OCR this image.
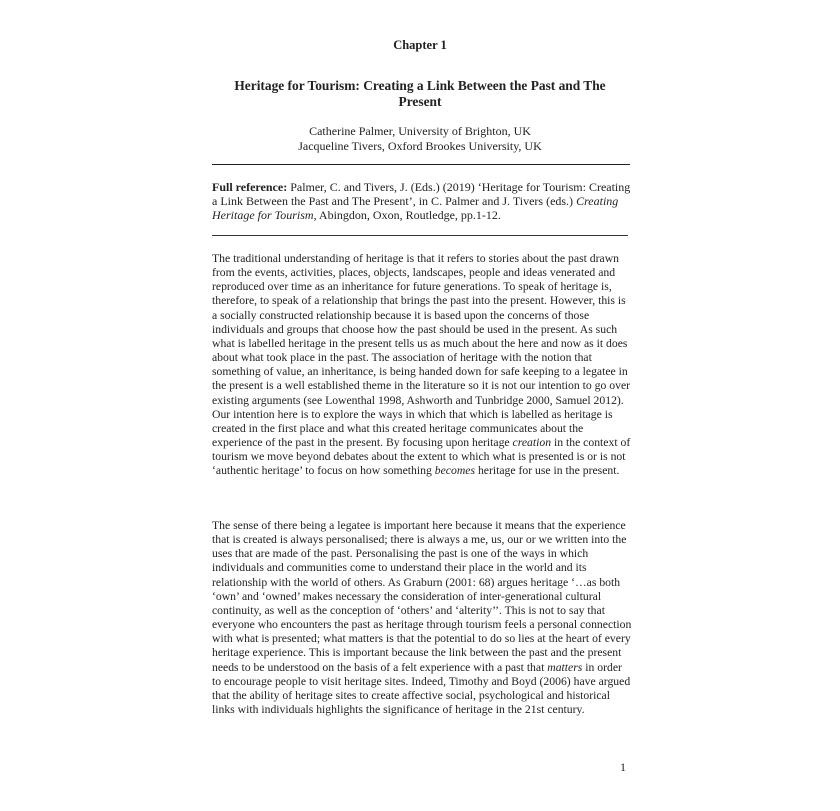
Chapter 1
Heritage for Tourism: Creating a Link Between the Past and The Present
Catherine Palmer, University of Brighton, UK
Jacqueline Tivers, Oxford Brookes University, UK
Full reference: Palmer, C. and Tivers, J. (Eds.) (2019) ‘Heritage for Tourism: Creating a Link Between the Past and The Present’, in C. Palmer and J. Tivers (eds.) Creating Heritage for Tourism, Abingdon, Oxon, Routledge, pp.1-12.
The traditional understanding of heritage is that it refers to stories about the past drawn from the events, activities, places, objects, landscapes, people and ideas venerated and reproduced over time as an inheritance for future generations. To speak of heritage is, therefore, to speak of a relationship that brings the past into the present. However, this is a socially constructed relationship because it is based upon the concerns of those individuals and groups that choose how the past should be used in the present. As such what is labelled heritage in the present tells us as much about the here and now as it does about what took place in the past. The association of heritage with the notion that something of value, an inheritance, is being handed down for safe keeping to a legatee in the present is a well established theme in the literature so it is not our intention to go over existing arguments (see Lowenthal 1998, Ashworth and Tunbridge 2000, Samuel 2012). Our intention here is to explore the ways in which that which is labelled as heritage is created in the first place and what this created heritage communicates about the experience of the past in the present. By focusing upon heritage creation in the context of tourism we move beyond debates about the extent to which what is presented is or is not ‘authentic heritage’ to focus on how something becomes heritage for use in the present.
The sense of there being a legatee is important here because it means that the experience that is created is always personalised; there is always a me, us, our or we written into the uses that are made of the past. Personalising the past is one of the ways in which individuals and communities come to understand their place in the world and its relationship with the world of others. As Graburn (2001: 68) argues heritage ‘…as both ‘own’ and ‘owned’ makes necessary the consideration of inter-generational cultural continuity, as well as the conception of ‘others’ and ‘alterity’’. This is not to say that everyone who encounters the past as heritage through tourism feels a personal connection with what is presented; what matters is that the potential to do so lies at the heart of every heritage experience. This is important because the link between the past and the present needs to be understood on the basis of a felt experience with a past that matters in order to encourage people to visit heritage sites. Indeed, Timothy and Boyd (2006) have argued that the ability of heritage sites to create affective social, psychological and historical links with individuals highlights the significance of heritage in the 21st century.
1
